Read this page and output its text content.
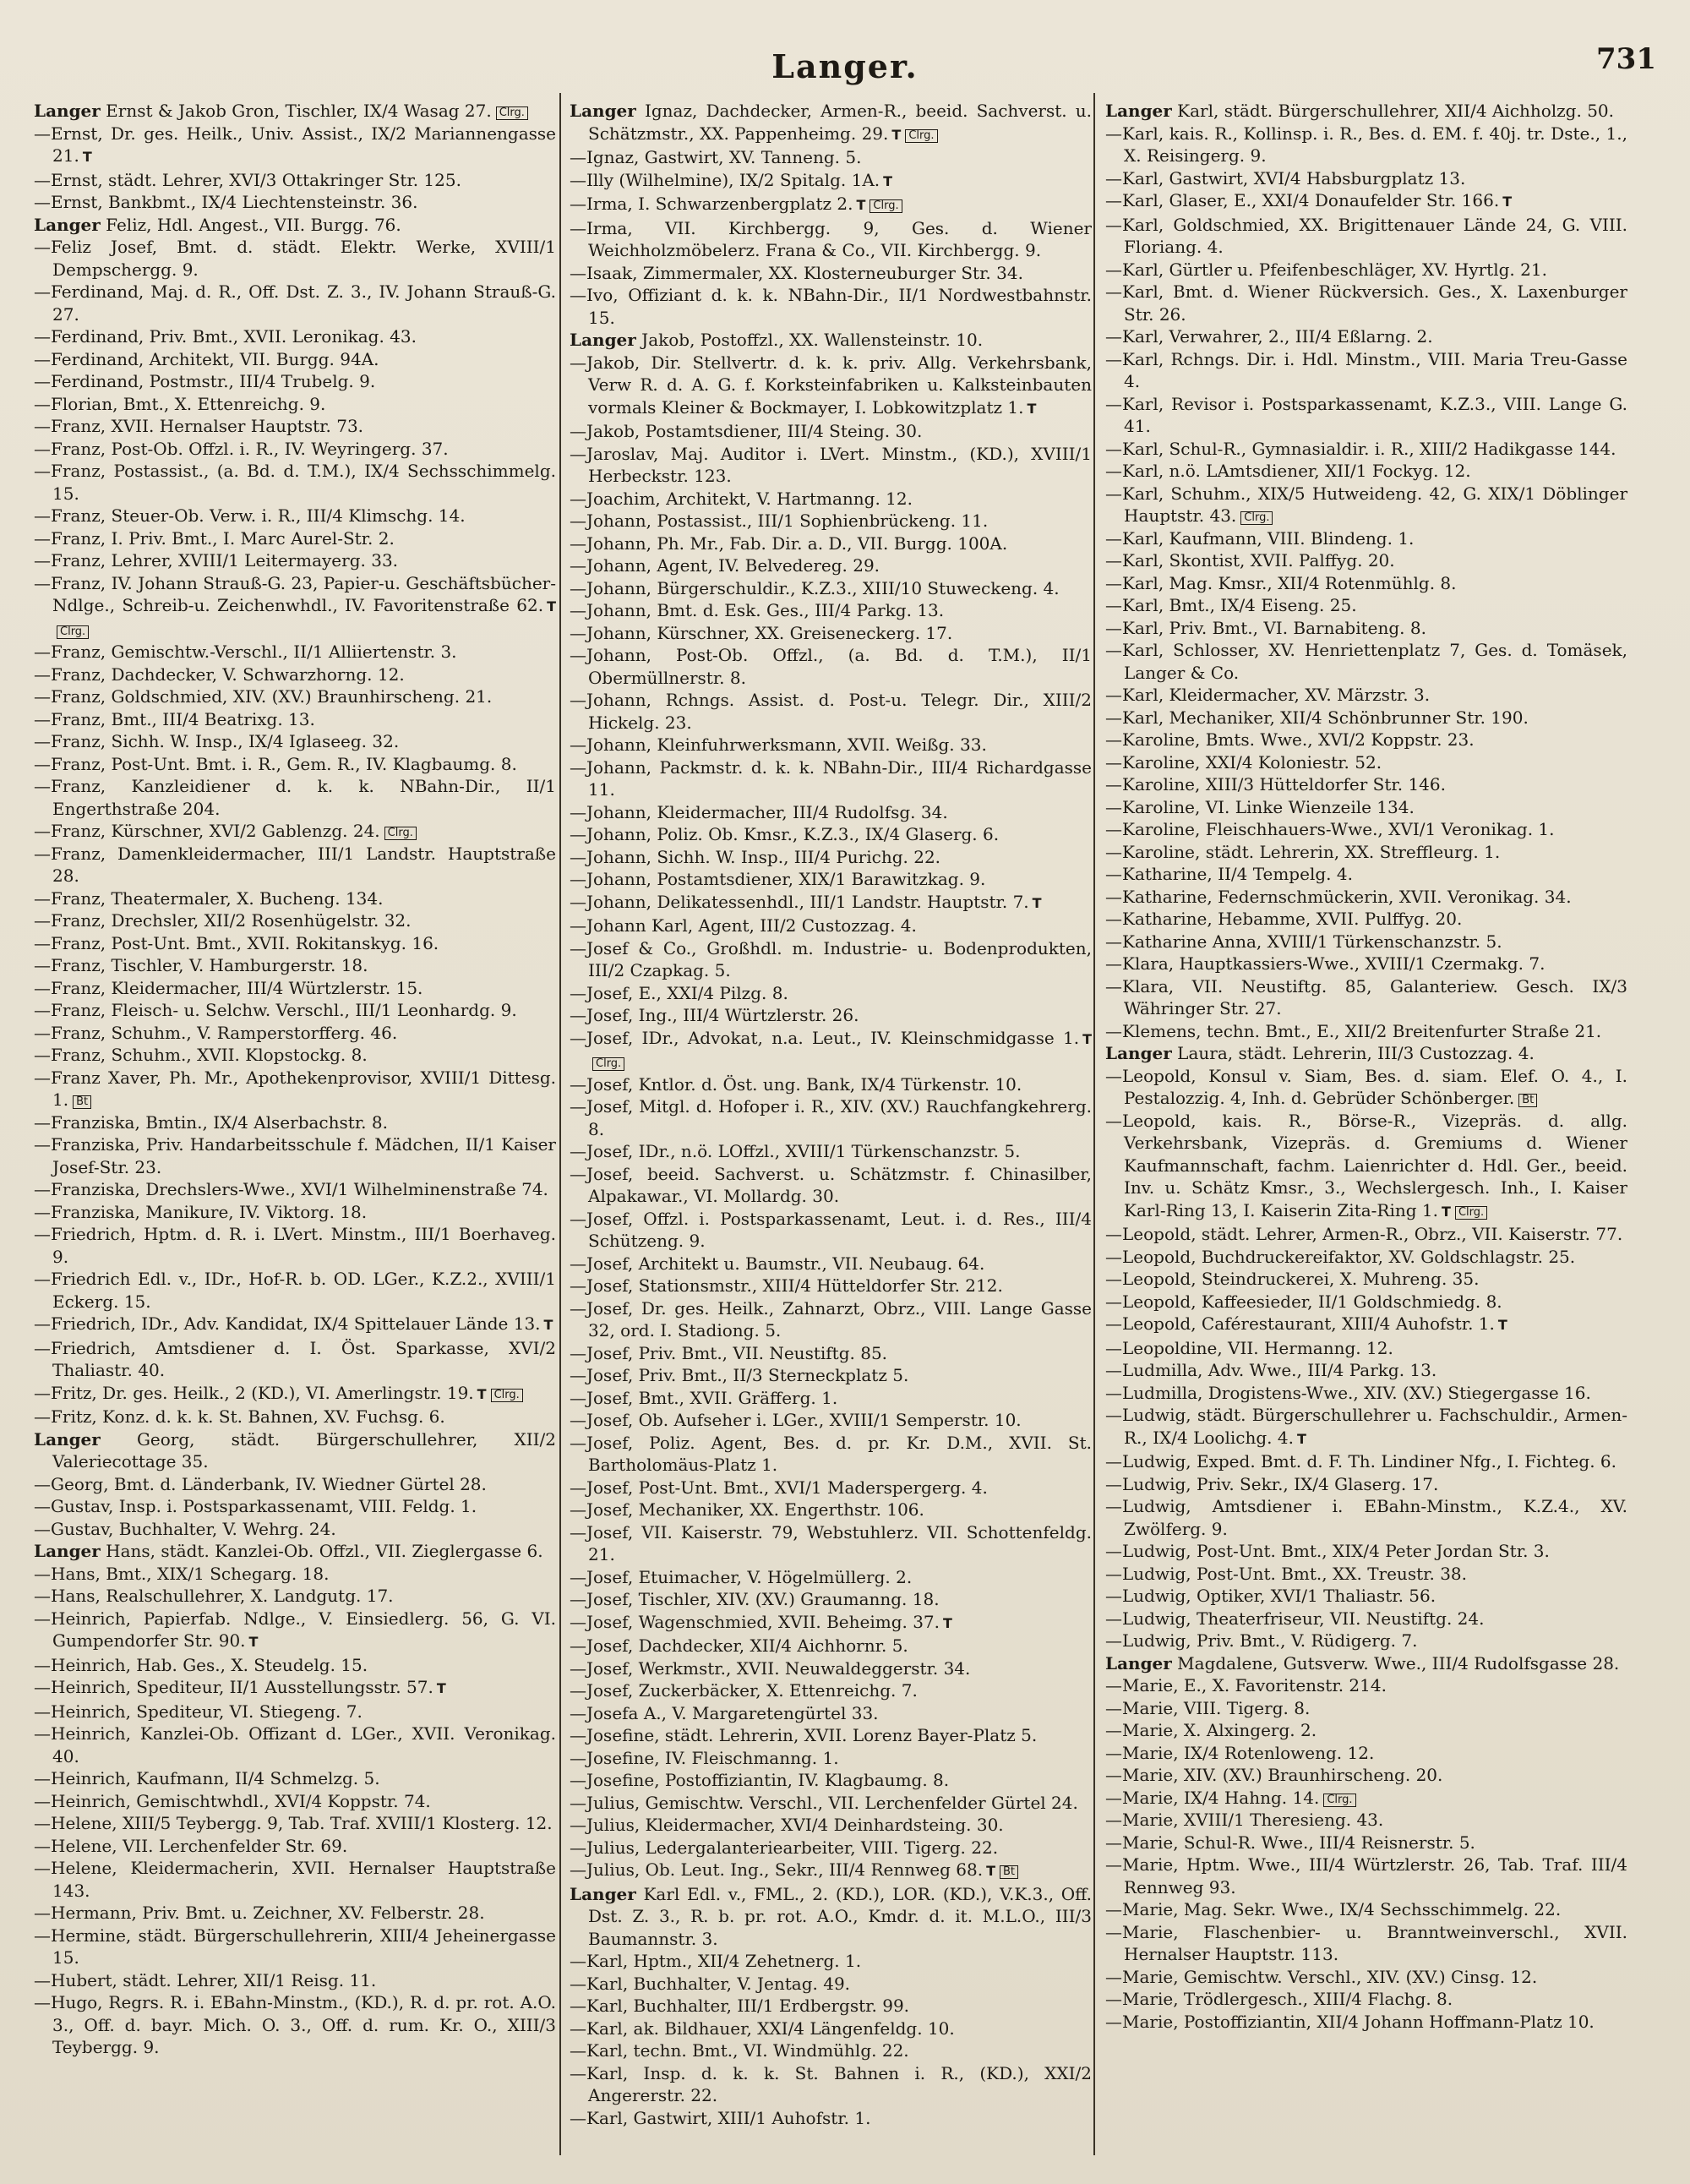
Langer.	731

Langer Ernst & Jakob Gron, Tischler, IX/4 Wasag 27. Clrg.

—Ernst, Dr. ges. Heilk., Univ. Assist., IX/2 Mariannengasse 21. T

—Ernst, städt. Lehrer, XVI/3 Ottakringer Str. 125.

—Ernst, Bankbmt., IX/4 Liechtensteinstr. 36.

Langer Feliz, Hdl. Angest., VII. Burgg. 76.

—Feliz Josef, Bmt. d. städt. Elektr. Werke, XVIII/1 Dempschergg. 9.

—Ferdinand, Maj. d. R., Off. Dst. Z. 3., IV. Johann Strauß-G. 27.

—Ferdinand, Priv. Bmt., XVII. Leronikag. 43.

—Ferdinand, Architekt, VII. Burgg. 94A.

—Ferdinand, Postmstr., III/4 Trubelg. 9.

—Florian, Bmt., X. Ettenreichg. 9.

—Franz, XVII. Hernalser Hauptstr. 73.

—Franz, Post-Ob. Offzl. i. R., IV. Weyringerg. 37.

—Franz, Postassist., (a. Bd. d. T.M.), IX/4 Sechsschimmelg. 15.

—Franz, Steuer-Ob. Verw. i. R., III/4 Klimschg. 14.

—Franz, I. Priv. Bmt., I. Marc Aurel-Str. 2.

—Franz, Lehrer, XVIII/1 Leitermayerg. 33.

—Franz, IV. Johann Strauß-G. 23, Papier-u. Geschäftsbücher-Ndlge., Schreib-u. Zeichenwhdl., IV. Favoritenstraße 62. TClrg.

—Franz, Gemischtw.-Verschl., II/1 Alliiertenstr. 3.

—Franz, Dachdecker, V. Schwarzhorng. 12.

—Franz, Goldschmied, XIV. (XV.) Braunhirscheng. 21.

—Franz, Bmt., III/4 Beatrixg. 13.

—Franz, Sichh. W. Insp., IX/4 Iglaseeg. 32.

—Franz, Post-Unt. Bmt. i. R., Gem. R., IV. Klagbaumg. 8.

—Franz, Kanzleidiener d. k. k. NBahn-Dir., II/1 Engerthstraße 204.

—Franz, Kürschner, XVI/2 Gablenzg. 24. Clrg.

—Franz, Damenkleidermacher, III/1 Landstr. Hauptstraße 28.

—Franz, Theatermaler, X. Bucheng. 134.

—Franz, Drechsler, XII/2 Rosenhügelstr. 32.

—Franz, Post-Unt. Bmt., XVII. Rokitanskyg. 16.

—Franz, Tischler, V. Hamburgerstr. 18.

—Franz, Kleidermacher, III/4 Würtzlerstr. 15.

—Franz, Fleisch- u. Selchw. Verschl., III/1 Leonhardg. 9.

—Franz, Schuhm., V. Ramperstorfferg. 46.

—Franz, Schuhm., XVII. Klopstockg. 8.

—Franz Xaver, Ph. Mr., Apothekenprovisor, XVIII/1 Dittesg. 1. Bt

—Franziska, Bmtin., IX/4 Alserbachstr. 8.

—Franziska, Priv. Handarbeitsschule f. Mädchen, II/1 Kaiser Josef-Str. 23.

—Franziska, Drechslers-Wwe., XVI/1 Wilhelminenstraße 74.

—Franziska, Manikure, IV. Viktorg. 18.

—Friedrich, Hptm. d. R. i. LVert. Minstm., III/1 Boerhaveg. 9.

—Friedrich Edl. v., IDr., Hof-R. b. OD. LGer., K.Z.2., XVIII/1 Eckerg. 15.

—Friedrich, IDr., Adv. Kandidat, IX/4 Spittelauer Lände 13. T

—Friedrich, Amtsdiener d. I. Öst. Sparkasse, XVI/2 Thaliastr. 40.

—Fritz, Dr. ges. Heilk., 2 (KD.), VI. Amerlingstr. 19. T Clrg.

—Fritz, Konz. d. k. k. St. Bahnen, XV. Fuchsg. 6.

Langer Georg, städt. Bürgerschullehrer, XII/2 Valeriecottage 35.

—Georg, Bmt. d. Länderbank, IV. Wiedner Gürtel 28.

—Gustav, Insp. i. Postsparkassenamt, VIII. Feldg. 1.

—Gustav, Buchhalter, V. Wehrg. 24.

Langer Hans, städt. Kanzlei-Ob. Offzl., VII. Zieglergasse 6.

—Hans, Bmt., XIX/1 Schegarg. 18.

—Hans, Realschullehrer, X. Landgutg. 17.

—Heinrich, Papierfab. Ndlge., V. Einsiedlerg. 56, G. VI. Gumpendorfer Str. 90. T

—Heinrich, Hab. Ges., X. Steudelg. 15.

—Heinrich, Spediteur, II/1 Ausstellungsstr. 57. T

—Heinrich, Spediteur, VI. Stiegeng. 7.

—Heinrich, Kanzlei-Ob. Offizant d. LGer., XVII. Veronikag. 40.

—Heinrich, Kaufmann, II/4 Schmelzg. 5.

—Heinrich, Gemischtwhdl., XVI/4 Koppstr. 74.

—Helene, XIII/5 Teybergg. 9, Tab. Traf. XVIII/1 Klosterg. 12.

—Helene, VII. Lerchenfelder Str. 69.

—Helene, Kleidermacherin, XVII. Hernalser Hauptstraße 143.

—Hermann, Priv. Bmt. u. Zeichner, XV. Felberstr. 28.

—Hermine, städt. Bürgerschullehrerin, XIII/4 Jeheinergasse 15.

—Hubert, städt. Lehrer, XII/1 Reisg. 11.

—Hugo, Regrs. R. i. EBahn-Minstm., (KD.), R. d. pr. rot. A.O. 3., Off. d. bayr. Mich. O. 3., Off. d. rum. Kr. O., XIII/3 Teybergg. 9.

Langer Ignaz, Dachdecker, Armen-R., beeid. Sachverst. u. Schätzmstr., XX. Pappenheimg. 29. T Clrg.

—Ignaz, Gastwirt, XV. Tanneng. 5.

—Illy (Wilhelmine), IX/2 Spitalg. 1A. T

—Irma, I. Schwarzenbergplatz 2. T Clrg.

—Irma, VII. Kirchbergg. 9, Ges. d. Wiener Weichholzmöbelerz. Frana & Co., VII. Kirchbergg. 9.

—Isaak, Zimmermaler, XX. Klosterneuburger Str. 34.

—Ivo, Offiziant d. k. k. NBahn-Dir., II/1 Nordwestbahnstr. 15.

Langer Jakob, Postoffzl., XX. Wallensteinstr. 10.

—Jakob, Dir. Stellvertr. d. k. k. priv. Allg. Verkehrsbank, Verw R. d. A. G. f. Korksteinfabriken u. Kalksteinbauten vormals Kleiner & Bockmayer, I. Lobkowitzplatz 1. T

—Jakob, Postamtsdiener, III/4 Steing. 30.

—Jaroslav, Maj. Auditor i. LVert. Minstm., (KD.), XVIII/1 Herbeckstr. 123.

—Joachim, Architekt, V. Hartmanng. 12.

—Johann, Postassist., III/1 Sophienbrückeng. 11.

—Johann, Ph. Mr., Fab. Dir. a. D., VII. Burgg. 100A.

—Johann, Agent, IV. Belvedereg. 29.

—Johann, Bürgerschuldir., K.Z.3., XIII/10 Stuweckeng. 4.

—Johann, Bmt. d. Esk. Ges., III/4 Parkg. 13.

—Johann, Kürschner, XX. Greiseneckerg. 17.

—Johann, Post-Ob. Offzl., (a. Bd. d. T.M.), II/1 Obermüllnerstr. 8.

—Johann, Rchngs. Assist. d. Post-u. Telegr. Dir., XIII/2 Hickelg. 23.

—Johann, Kleinfuhrwerksmann, XVII. Weißg. 33.

—Johann, Packmstr. d. k. k. NBahn-Dir., III/4 Richardgasse 11.

—Johann, Kleidermacher, III/4 Rudolfsg. 34.

—Johann, Poliz. Ob. Kmsr., K.Z.3., IX/4 Glaserg. 6.

—Johann, Sichh. W. Insp., III/4 Purichg. 22.

—Johann, Postamtsdiener, XIX/1 Barawitzkag. 9.

—Johann, Delikatessenhdl., III/1 Landstr. Hauptstr. 7. T

—Johann Karl, Agent, III/2 Custozzag. 4.

—Josef & Co., Großhdl. m. Industrie- u. Bodenprodukten, III/2 Czapkag. 5.

—Josef, E., XXI/4 Pilzg. 8.

—Josef, Ing., III/4 Würtzlerstr. 26.

—Josef, IDr., Advokat, n.a. Leut., IV. Kleinschmidgasse 1. TClrg.

—Josef, Kntlor. d. Öst. ung. Bank, IX/4 Türkenstr. 10.

—Josef, Mitgl. d. Hofoper i. R., XIV. (XV.) Rauchfangkehrerg. 8.

—Josef, IDr., n.ö. LOffzl., XVIII/1 Türkenschanzstr. 5.

—Josef, beeid. Sachverst. u. Schätzmstr. f. Chinasilber, Alpakawar., VI. Mollardg. 30.

—Josef, Offzl. i. Postsparkassenamt, Leut. i. d. Res., III/4 Schützeng. 9.

—Josef, Architekt u. Baumstr., VII. Neubaug. 64.

—Josef, Stationsmstr., XIII/4 Hütteldorfer Str. 212.

—Josef, Dr. ges. Heilk., Zahnarzt, Obrz., VIII. Lange Gasse 32, ord. I. Stadiong. 5.

—Josef, Priv. Bmt., VII. Neustiftg. 85.

—Josef, Priv. Bmt., II/3 Sterneckplatz 5.

—Josef, Bmt., XVII. Gräfferg. 1.

—Josef, Ob. Aufseher i. LGer., XVIII/1 Semperstr. 10.

—Josef, Poliz. Agent, Bes. d. pr. Kr. D.M., XVII. St. Bartholomäus-Platz 1.

—Josef, Post-Unt. Bmt., XVI/1 Maderspergerg. 4.

—Josef, Mechaniker, XX. Engerthstr. 106.

—Josef, VII. Kaiserstr. 79, Webstuhlerz. VII. Schottenfeldg. 21.

—Josef, Etuimacher, V. Högelmüllerg. 2.

—Josef, Tischler, XIV. (XV.) Graumanng. 18.

—Josef, Wagenschmied, XVII. Beheimg. 37. T

—Josef, Dachdecker, XII/4 Aichhornr. 5.

—Josef, Werkmstr., XVII. Neuwaldeggerstr. 34.

—Josef, Zuckerbäcker, X. Ettenreichg. 7.

—Josefa A., V. Margaretengürtel 33.

—Josefine, städt. Lehrerin, XVII. Lorenz Bayer-Platz 5.

—Josefine, IV. Fleischmanng. 1.

—Josefine, Postoffiziantin, IV. Klagbaumg. 8.

—Julius, Gemischtw. Verschl., VII. Lerchenfelder Gürtel 24.

—Julius, Kleidermacher, XVI/4 Deinhardsteing. 30.

—Julius, Ledergalanteriearbeiter, VIII. Tigerg. 22.

—Julius, Ob. Leut. Ing., Sekr., III/4 Rennweg 68. T Bt

Langer Karl Edl. v., FML., 2. (KD.), LOR. (KD.), V.K.3., Off. Dst. Z. 3., R. b. pr. rot. A.O., Kmdr. d. it. M.L.O., III/3 Baumannstr. 3.

—Karl, Hptm., XII/4 Zehetnerg. 1.

—Karl, Buchhalter, V. Jentag. 49.

—Karl, Buchhalter, III/1 Erdbergstr. 99.

—Karl, ak. Bildhauer, XXI/4 Längenfeldg. 10.

—Karl, techn. Bmt., VI. Windmühlg. 22.

—Karl, Insp. d. k. k. St. Bahnen i. R., (KD.), XXI/2 Angererstr. 22.

—Karl, Gastwirt, XIII/1 Auhofstr. 1.

Langer Karl, städt. Bürgerschullehrer, XII/4 Aichholzg. 50.

—Karl, kais. R., Kollinsp. i. R., Bes. d. EM. f. 40j. tr. Dste., 1., X. Reisingerg. 9.

—Karl, Gastwirt, XVI/4 Habsburgplatz 13.

—Karl, Glaser, E., XXI/4 Donaufelder Str. 166. T

—Karl, Goldschmied, XX. Brigittenauer Lände 24, G. VIII. Floriang. 4.

—Karl, Gürtler u. Pfeifenbeschläger, XV. Hyrtlg. 21.

—Karl, Bmt. d. Wiener Rückversich. Ges., X. Laxenburger Str. 26.

—Karl, Verwahrer, 2., III/4 Eßlarng. 2.

—Karl, Rchngs. Dir. i. Hdl. Minstm., VIII. Maria Treu-Gasse 4.

—Karl, Revisor i. Postsparkassenamt, K.Z.3., VIII. Lange G. 41.

—Karl, Schul-R., Gymnasialdir. i. R., XIII/2 Hadikgasse 144.

—Karl, n.ö. LAmtsdiener, XII/1 Fockyg. 12.

—Karl, Schuhm., XIX/5 Hutweideng. 42, G. XIX/1 Döblinger Hauptstr. 43. Clrg.

—Karl, Kaufmann, VIII. Blindeng. 1.

—Karl, Skontist, XVII. Palffyg. 20.

—Karl, Mag. Kmsr., XII/4 Rotenmühlg. 8.

—Karl, Bmt., IX/4 Eiseng. 25.

—Karl, Priv. Bmt., VI. Barnabiteng. 8.

—Karl, Schlosser, XV. Henriettenplatz 7, Ges. d. Tomäsek, Langer & Co.

—Karl, Kleidermacher, XV. Märzstr. 3.

—Karl, Mechaniker, XII/4 Schönbrunner Str. 190.

—Karoline, Bmts. Wwe., XVI/2 Koppstr. 23.

—Karoline, XXI/4 Koloniestr. 52.

—Karoline, XIII/3 Hütteldorfer Str. 146.

—Karoline, VI. Linke Wienzeile 134.

—Karoline, Fleischhauers-Wwe., XVI/1 Veronikag. 1.

—Karoline, städt. Lehrerin, XX. Streffleurg. 1.

—Katharine, II/4 Tempelg. 4.

—Katharine, Federnschmückerin, XVII. Veronikag. 34.

—Katharine, Hebamme, XVII. Pulffyg. 20.

—Katharine Anna, XVIII/1 Türkenschanzstr. 5.

—Klara, Hauptkassiers-Wwe., XVIII/1 Czermakg. 7.

—Klara, VII. Neustiftg. 85, Galanteriew. Gesch. IX/3 Währinger Str. 27.

—Klemens, techn. Bmt., E., XII/2 Breitenfurter Straße 21.

Langer Laura, städt. Lehrerin, III/3 Custozzag. 4.

—Leopold, Konsul v. Siam, Bes. d. siam. Elef. O. 4., I. Pestalozzig. 4, Inh. d. Gebrüder Schönberger. Bt

—Leopold, kais. R., Börse-R., Vizepräs. d. allg. Verkehrsbank, Vizepräs. d. Gremiums d. Wiener Kaufmannschaft, fachm. Laienrichter d. Hdl. Ger., beeid. Inv. u. Schätz Kmsr., 3., Wechslergesch. Inh., I. Kaiser Karl-Ring 13, I. Kaiserin Zita-Ring 1. T Clrg.

—Leopold, städt. Lehrer, Armen-R., Obrz., VII. Kaiserstr. 77.

—Leopold, Buchdruckereifaktor, XV. Goldschlagstr. 25.

—Leopold, Steindruckerei, X. Muhreng. 35.

—Leopold, Kaffeesieder, II/1 Goldschmiedg. 8.

—Leopold, Caférestaurant, XIII/4 Auhofstr. 1. T

—Leopoldine, VII. Hermanng. 12.

—Ludmilla, Adv. Wwe., III/4 Parkg. 13.

—Ludmilla, Drogistens-Wwe., XIV. (XV.) Stiegergasse 16.

—Ludwig, städt. Bürgerschullehrer u. Fachschuldir., Armen-R., IX/4 Loolichg. 4. T

—Ludwig, Exped. Bmt. d. F. Th. Lindiner Nfg., I. Fichteg. 6.

—Ludwig, Priv. Sekr., IX/4 Glaserg. 17.

—Ludwig, Amtsdiener i. EBahn-Minstm., K.Z.4., XV. Zwölferg. 9.

—Ludwig, Post-Unt. Bmt., XIX/4 Peter Jordan Str. 3.

—Ludwig, Post-Unt. Bmt., XX. Treustr. 38.

—Ludwig, Optiker, XVI/1 Thaliastr. 56.

—Ludwig, Theaterfriseur, VII. Neustiftg. 24.

—Ludwig, Priv. Bmt., V. Rüdigerg. 7.

Langer Magdalene, Gutsverw. Wwe., III/4 Rudolfsgasse 28.

—Marie, E., X. Favoritenstr. 214.

—Marie, VIII. Tigerg. 8.

—Marie, X. Alxingerg. 2.

—Marie, IX/4 Rotenloweng. 12.

—Marie, XIV. (XV.) Braunhirscheng. 20.

—Marie, IX/4 Hahng. 14. Clrg.

—Marie, XVIII/1 Theresieng. 43.

—Marie, Schul-R. Wwe., III/4 Reisnerstr. 5.

—Marie, Hptm. Wwe., III/4 Würtzlerstr. 26, Tab. Traf. III/4 Rennweg 93.

—Marie, Mag. Sekr. Wwe., IX/4 Sechsschimmelg. 22.

—Marie, Flaschenbier- u. Branntweinverschl., XVII. Hernalser Hauptstr. 113.

—Marie, Gemischtw. Verschl., XIV. (XV.) Cinsg. 12.

—Marie, Trödlergesch., XIII/4 Flachg. 8.

—Marie, Postoffiziantin, XII/4 Johann Hoffmann-Platz 10.
